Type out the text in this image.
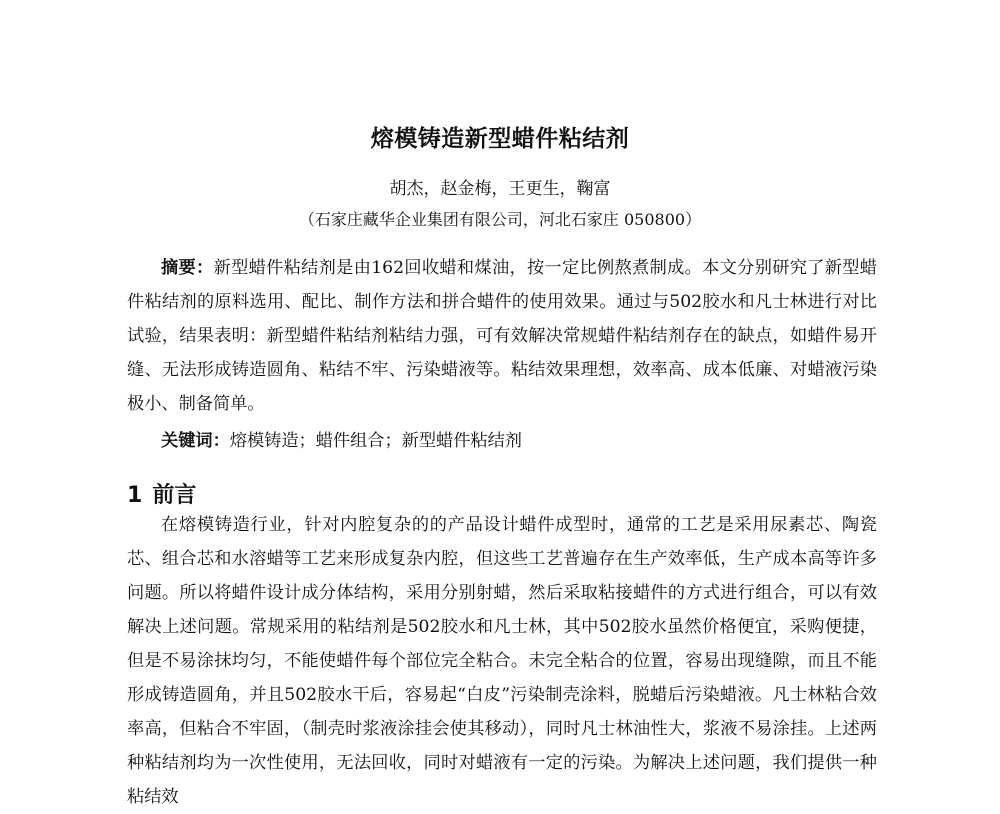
熔模铸造新型蜡件粘结剂
胡杰，赵金梅，王更生，鞠富
（石家庄藏华企业集团有限公司，河北石家庄 050800）
摘要：新型蜡件粘结剂是由162回收蜡和煤油，按一定比例熬煮制成。本文分别研究了新型蜡件粘结剂的原料选用、配比、制作方法和拼合蜡件的使用效果。通过与502胶水和凡士林进行对比试验，结果表明：新型蜡件粘结剂粘结力强，可有效解决常规蜡件粘结剂存在的缺点，如蜡件易开缝、无法形成铸造圆角、粘结不牢、污染蜡液等。粘结效果理想，效率高、成本低廉、对蜡液污染极小、制备简单。
关键词：熔模铸造；蜡件组合；新型蜡件粘结剂
1 前言
在熔模铸造行业，针对内腔复杂的的产品设计蜡件成型时，通常的工艺是采用尿素芯、陶瓷芯、组合芯和水溶蜡等工艺来形成复杂内腔，但这些工艺普遍存在生产效率低，生产成本高等许多问题。所以将蜡件设计成分体结构，采用分别射蜡，然后采取粘接蜡件的方式进行组合，可以有效解决上述问题。常规采用的粘结剂是502胶水和凡士林，其中502胶水虽然价格便宜，采购便捷，但是不易涂抹均匀，不能使蜡件每个部位完全粘合。未完全粘合的位置，容易出现缝隙，而且不能形成铸造圆角，并且502胶水干后，容易起“白皮”污染制壳涂料，脱蜡后污染蜡液。凡士林粘合效率高，但粘合不牢固，（制壳时浆液涂挂会使其移动），同时凡士林油性大，浆液不易涂挂。上述两种粘结剂均为一次性使用，无法回收，同时对蜡液有一定的污染。为解决上述问题，我们提供一种粘结效
